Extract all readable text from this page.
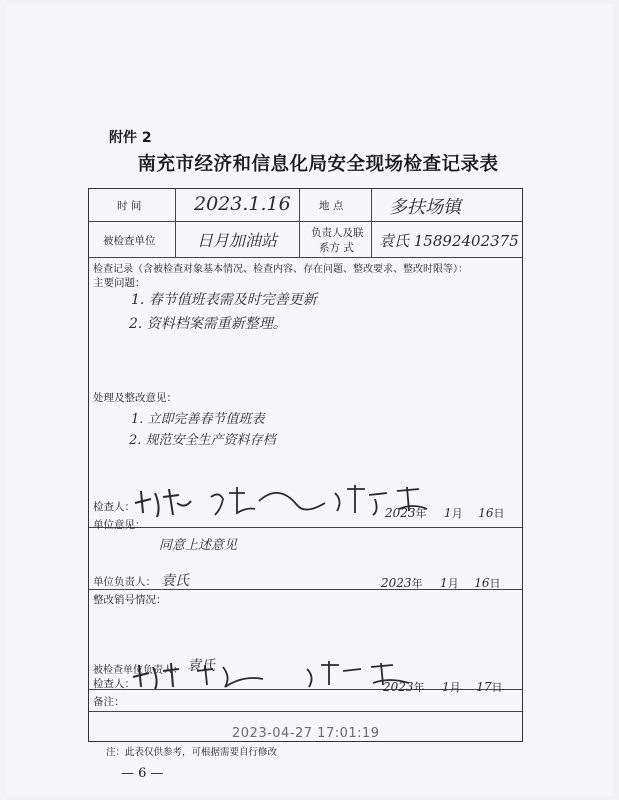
附件 2
南充市经济和信息化局安全现场检查记录表
时 间	2023.1.16	地 点	多扶场镇
被检查单位	日月加油站	负责人及联
系方 式 袁氏 15892402375
检查记录（含被检查对象基本情况、检查内容、存在问题、整改要求、整改时限等）：
主要问题：
1. 春节值班表需及时完善更新
2. 资料档案需重新整理。
处理及整改意见：
1. 立即完善春节值班表
2. 规范安全生产资料存档
检查人：	2023年 1月 16日
单位意见：
同意上述意见
单位负责人： 袁氏	2023年 1月 16日
整改销号情况：
被检查单位负责人： 袁氏
检查人：	2023年 1月 17日
备注：
2023-04-27 17:01:19
注：此表仅供参考，可根据需要自行修改
— 6 —
